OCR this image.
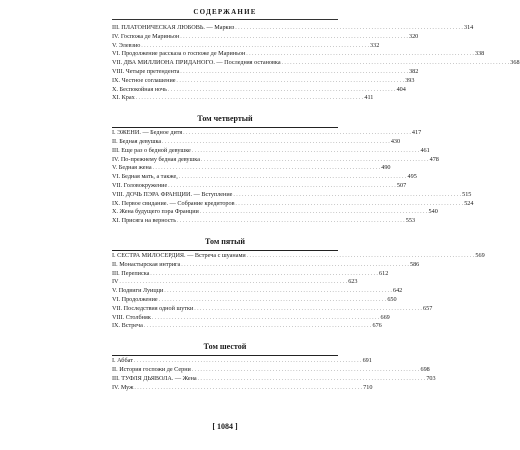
СОДЕРЖАНИЕ
III. ПЛАТОНИЧЕСКАЯ ЛЮБОВЬ. — Маркиз . . .	314
IV. Госпожа де Мариньон . . .	320
V. Элевзио . . .	332
VI. Продолжение рассказа о госпоже де Мариньон . . .	338
VII. ДВА МИЛЛИОНА ПРИДАНОГО. — Последняя остановка . . .	368
VIII. Четыре претендента . . .	382
IX. Честное соглашение . . .	393
X. Беспокойная ночь . . .	404
XI. Крах . . .	411
Том четвертый
I. ЭЖЕНИ. — Бедное дитя . . .	417
II. Бедная девушка . . .	430
III. Еще раз о бедной девушке . . .	461
IV. По-прежнему бедная девушка . . .	478
V. Бедная жена . . .	490
VI. Бедная мать, а также, . . .	495
VII. Головокружение . . .	507
VIII. ДОЧЬ ПЭРА ФРАНЦИИ. — Вступление . . .	515
IX. Первое свидание. — Собрание кредиторов . . .	524
X. Жена будущего пэра Франции . . .	540
XI. Присяга на верность . . .	553
Том пятый
I. СЕСТРА МИЛОСЕРДИЯ. — Встреча с шуанами . . .	569
II. Монастырская интрига . . .	586
III. Переписка . . .	612
IV . . .	623
V. Подвиги Луицци . . .	642
VI. Продолжение . . .	650
VII. Последствия одной шутки . . .	657
VIII. Столбняк . . .	669
IX. Встреча . . .	676
Том шестой
I. Аббат . . .	691
II. История госпожи де Серни . . .	698
III. ТУФЛЯ ДЬЯВОЛА. — Жена . . .	703
IV. Муж . . .	710
[ 1084 ]
